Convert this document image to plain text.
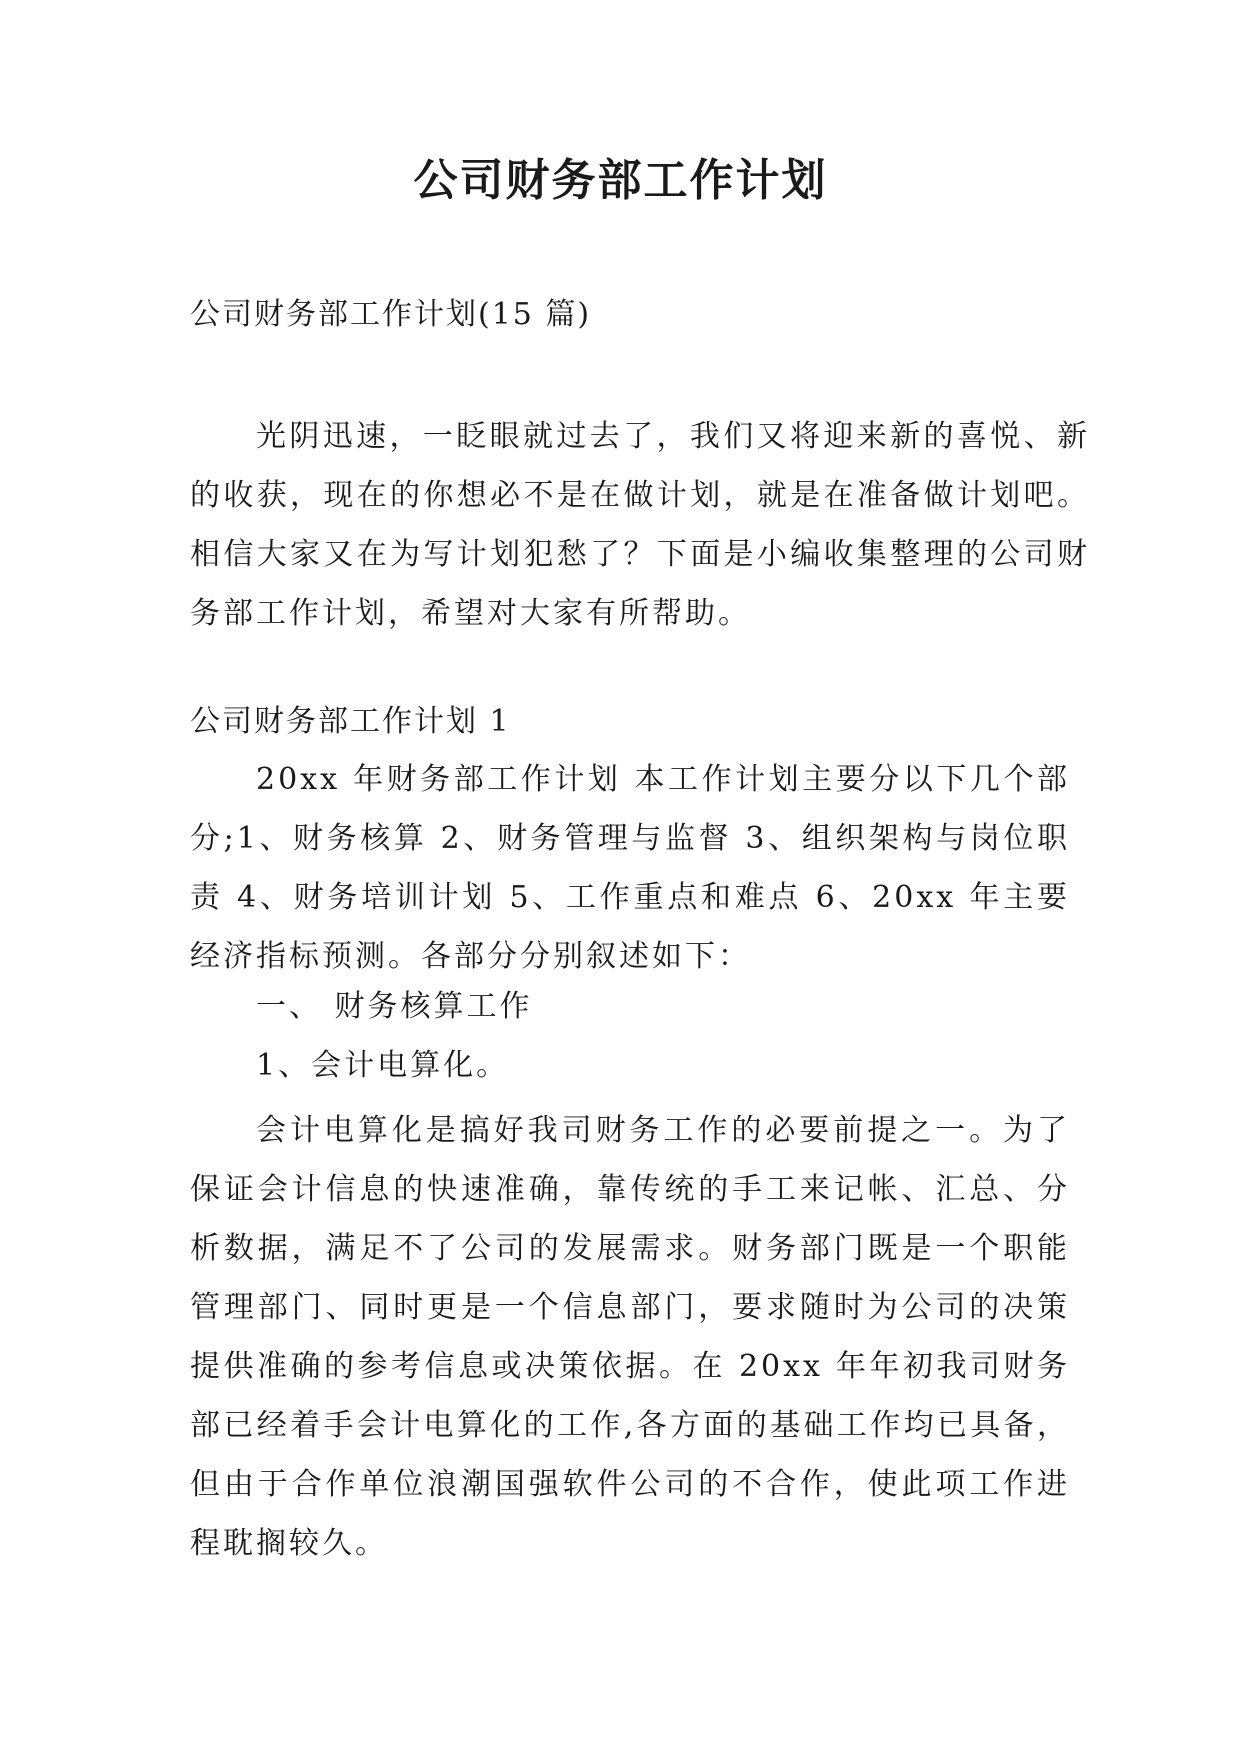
公司财务部工作计划

公司财务部工作计划(15 篇)

光阴迅速，一眨眼就过去了，我们又将迎来新的喜悦、新的收获，现在的你想必不是在做计划，就是在准备做计划吧。相信大家又在为写计划犯愁了？下面是小编收集整理的公司财务部工作计划，希望对大家有所帮助。

公司财务部工作计划 1

20xx 年财务部工作计划 本工作计划主要分以下几个部分;1、财务核算 2、财务管理与监督 3、组织架构与岗位职责 4、财务培训计划 5、工作重点和难点 6、20xx 年主要经济指标预测。各部分分别叙述如下：

一、 财务核算工作

1、会计电算化。

会计电算化是搞好我司财务工作的必要前提之一。为了保证会计信息的快速准确，靠传统的手工来记帐、汇总、分析数据，满足不了公司的发展需求。财务部门既是一个职能管理部门、同时更是一个信息部门，要求随时为公司的决策提供准确的参考信息或决策依据。在 20xx 年年初我司财务部已经着手会计电算化的工作,各方面的基础工作均已具备，但由于合作单位浪潮国强软件公司的不合作，使此项工作进程耽搁较久。
